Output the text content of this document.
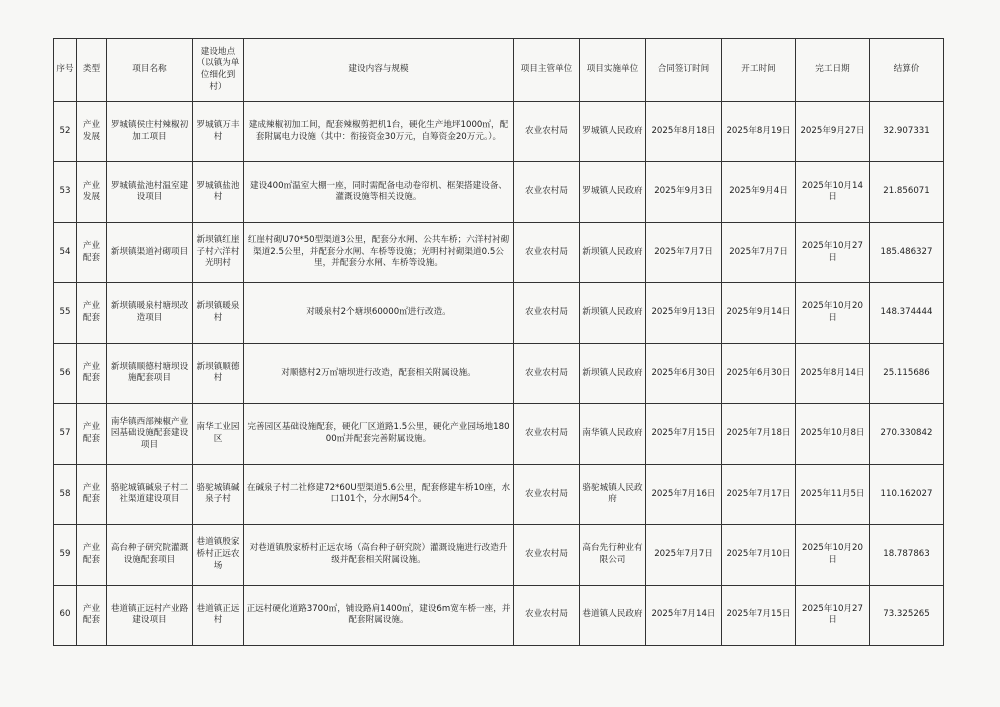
序号	类型	项目名称	建设地点（以镇为单位细化到村）	建设内容与规模	项目主管单位	项目实施单位	合同签订时间	开工时间	完工日期	结算价
52	产业发展	罗城镇侯庄村辣椒初加工项目	罗城镇万丰村	建成辣椒初加工间，配套辣椒剪把机1台，硬化生产地坪1000㎡，配套附属电力设施（其中：衔接资金30万元，自筹资金20万元。）。	农业农村局	罗城镇人民政府	2025年8月18日	2025年8月19日	2025年9月27日	32.907331
53	产业发展	罗城镇盐池村温室建设项目	罗城镇盐池村	建设400㎡温室大棚一座，同时需配备电动卷帘机、框架搭建设备、灌溉设施等相关设施。	农业农村局	罗城镇人民政府	2025年9月3日	2025年9月4日	2025年10月14日	21.856071
54	产业配套	新坝镇渠道衬砌项目	新坝镇红崖子村六洋村光明村	红崖村砌U70*50型渠道3公里，配套分水闸、公共车桥；六洋村衬砌渠道2.5公里，并配套分水闸、车桥等设施；光明村衬砌渠道0.5公里，并配套分水闸、车桥等设施。	农业农村局	新坝镇人民政府	2025年7月7日	2025年7月7日	2025年10月27日	185.486327
55	产业配套	新坝镇暖泉村塘坝改造项目	新坝镇暖泉村	对暖泉村2个塘坝60000㎡进行改造。	农业农村局	新坝镇人民政府	2025年9月13日	2025年9月14日	2025年10月20日	148.374444
56	产业配套	新坝镇顺德村塘坝设施配套项目	新坝镇顺德村	对顺德村2万㎡塘坝进行改造，配套相关附属设施。	农业农村局	新坝镇人民政府	2025年6月30日	2025年6月30日	2025年8月14日	25.115686
57	产业配套	南华镇西部辣椒产业园基础设施配套建设项目	南华工业园区	完善园区基础设施配套，硬化厂区道路1.5公里，硬化产业园场地18000㎡并配套完善附属设施。	农业农村局	南华镇人民政府	2025年7月15日	2025年7月18日	2025年10月8日	270.330842
58	产业配套	骆驼城镇碱泉子村二社渠道建设项目	骆驼城镇碱泉子村	在碱泉子村二社修建72*60U型渠道5.6公里，配套修建车桥10座，水口101个，分水闸54个。	农业农村局	骆驼城镇人民政府	2025年7月16日	2025年7月17日	2025年11月5日	110.162027
59	产业配套	高台种子研究院灌溉设施配套项目	巷道镇殷家桥村正远农场	对巷道镇殷家桥村正远农场（高台种子研究院）灌溉设施进行改造升级并配套相关附属设施。	农业农村局	高台先行种业有限公司	2025年7月7日	2025年7月10日	2025年10月20日	18.787863
60	产业配套	巷道镇正远村产业路建设项目	巷道镇正远村	正远村硬化道路3700㎡，铺设路肩1400㎡，建设6m宽车桥一座，并配套附属设施。	农业农村局	巷道镇人民政府	2025年7月14日	2025年7月15日	2025年10月27日	73.325265
